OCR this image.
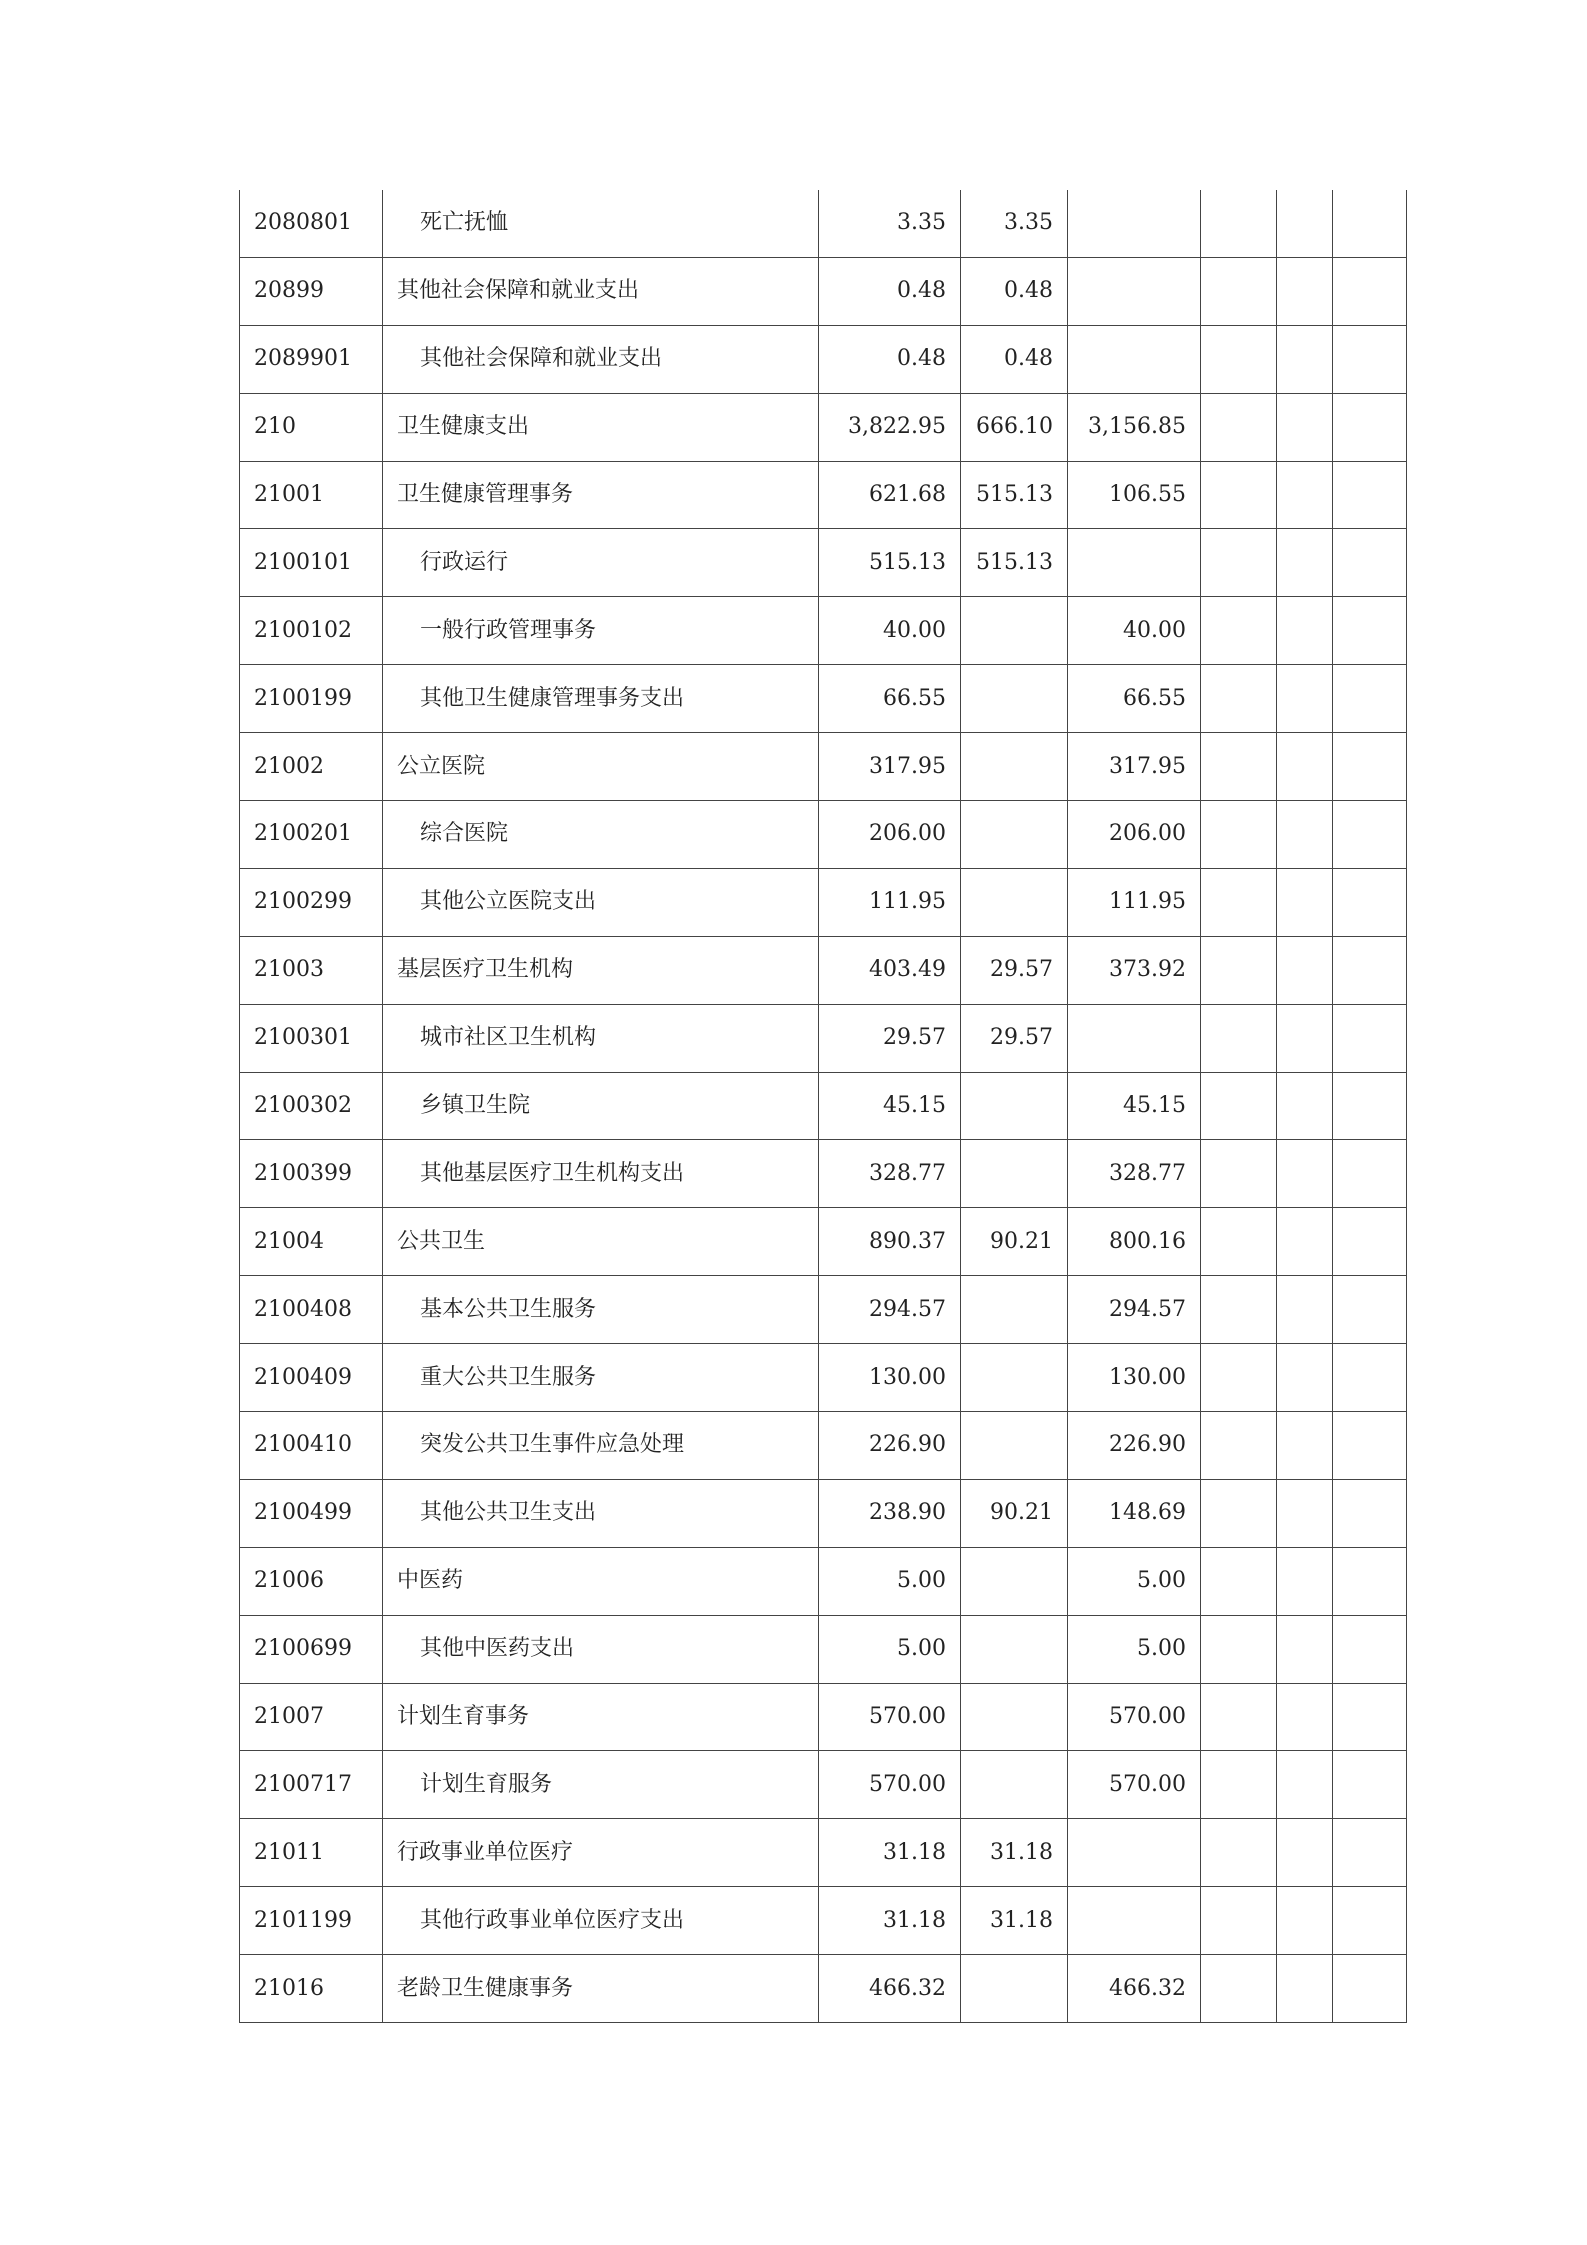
2080801	死亡抚恤	3.35	3.35				
20899	其他社会保障和就业支出	0.48	0.48				
2089901	其他社会保障和就业支出	0.48	0.48				
210	卫生健康支出	3,822.95	666.10	3,156.85			
21001	卫生健康管理事务	621.68	515.13	106.55			
2100101	行政运行	515.13	515.13				
2100102	一般行政管理事务	40.00		40.00			
2100199	其他卫生健康管理事务支出	66.55		66.55			
21002	公立医院	317.95		317.95			
2100201	综合医院	206.00		206.00			
2100299	其他公立医院支出	111.95		111.95			
21003	基层医疗卫生机构	403.49	29.57	373.92			
2100301	城市社区卫生机构	29.57	29.57				
2100302	乡镇卫生院	45.15		45.15			
2100399	其他基层医疗卫生机构支出	328.77		328.77			
21004	公共卫生	890.37	90.21	800.16			
2100408	基本公共卫生服务	294.57		294.57			
2100409	重大公共卫生服务	130.00		130.00			
2100410	突发公共卫生事件应急处理	226.90		226.90			
2100499	其他公共卫生支出	238.90	90.21	148.69			
21006	中医药	5.00		5.00			
2100699	其他中医药支出	5.00		5.00			
21007	计划生育事务	570.00		570.00			
2100717	计划生育服务	570.00		570.00			
21011	行政事业单位医疗	31.18	31.18				
2101199	其他行政事业单位医疗支出	31.18	31.18				
21016	老龄卫生健康事务	466.32		466.32			
